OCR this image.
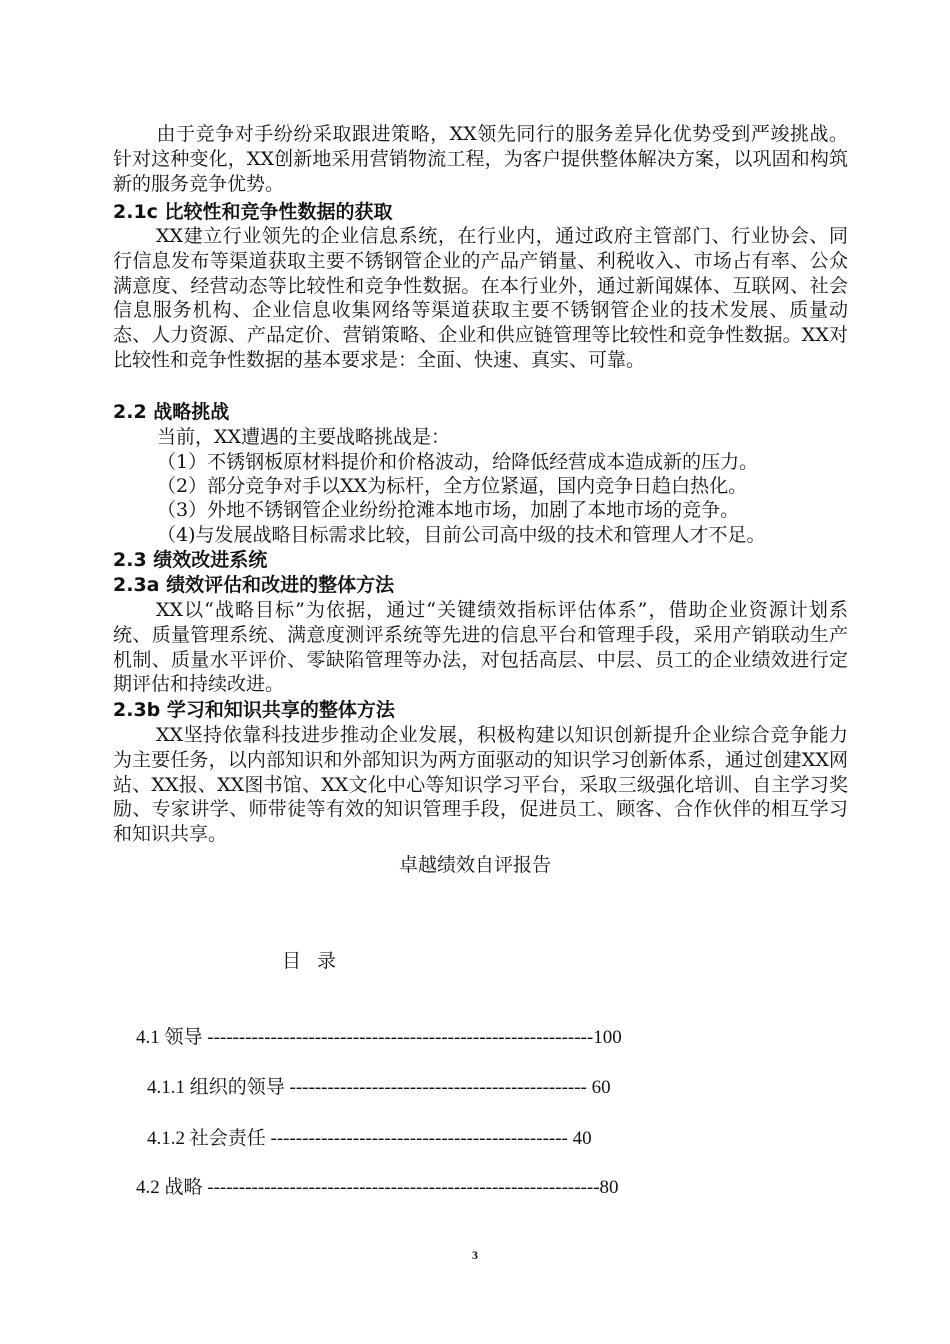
由于竞争对手纷纷采取跟进策略，XX领先同行的服务差异化优势受到严竣挑战。针对这种变化，XX创新地采用营销物流工程，为客户提供整体解决方案，以巩固和构筑新的服务竞争优势。

2.1c 比较性和竞争性数据的获取

XX建立行业领先的企业信息系统，在行业内，通过政府主管部门、行业协会、同行信息发布等渠道获取主要不锈钢管企业的产品产销量、利税收入、市场占有率、公众满意度、经营动态等比较性和竞争性数据。在本行业外，通过新闻媒体、互联网、社会信息服务机构、企业信息收集网络等渠道获取主要不锈钢管企业的技术发展、质量动态、人力资源、产品定价、营销策略、企业和供应链管理等比较性和竞争性数据。XX对比较性和竞争性数据的基本要求是：全面、快速、真实、可靠。

2.2 战略挑战

当前，XX遭遇的主要战略挑战是：

（1）不锈钢板原材料提价和价格波动，给降低经营成本造成新的压力。

（2）部分竞争对手以XX为标杆，全方位紧逼，国内竞争日趋白热化。

（3）外地不锈钢管企业纷纷抢滩本地市场，加剧了本地市场的竞争。

（4)与发展战略目标需求比较，目前公司高中级的技术和管理人才不足。

2.3 绩效改进系统

2.3a 绩效评估和改进的整体方法

XX以“战略目标”为依据，通过“关键绩效指标评估体系”，借助企业资源计划系统、质量管理系统、满意度测评系统等先进的信息平台和管理手段，采用产销联动生产机制、质量水平评价、零缺陷管理等办法，对包括高层、中层、员工的企业绩效进行定期评估和持续改进。

2.3b 学习和知识共享的整体方法

XX坚持依靠科技进步推动企业发展，积极构建以知识创新提升企业综合竞争能力为主要任务，以内部知识和外部知识为两方面驱动的知识学习创新体系，通过创建XX网站、XX报、XX图书馆、XX文化中心等知识学习平台，采取三级强化培训、自主学习奖励、专家讲学、师带徒等有效的知识管理手段，促进员工、顾客、合作伙伴的相互学习和知识共享。

卓越绩效自评报告
目录
4.1 领导 -------------------------------------------------------------100
4.1.1 组织的领导 ----------------------------------------------- 60
4.1.2 社会责任 ----------------------------------------------- 40
4.2 战略 --------------------------------------------------------------80
3
